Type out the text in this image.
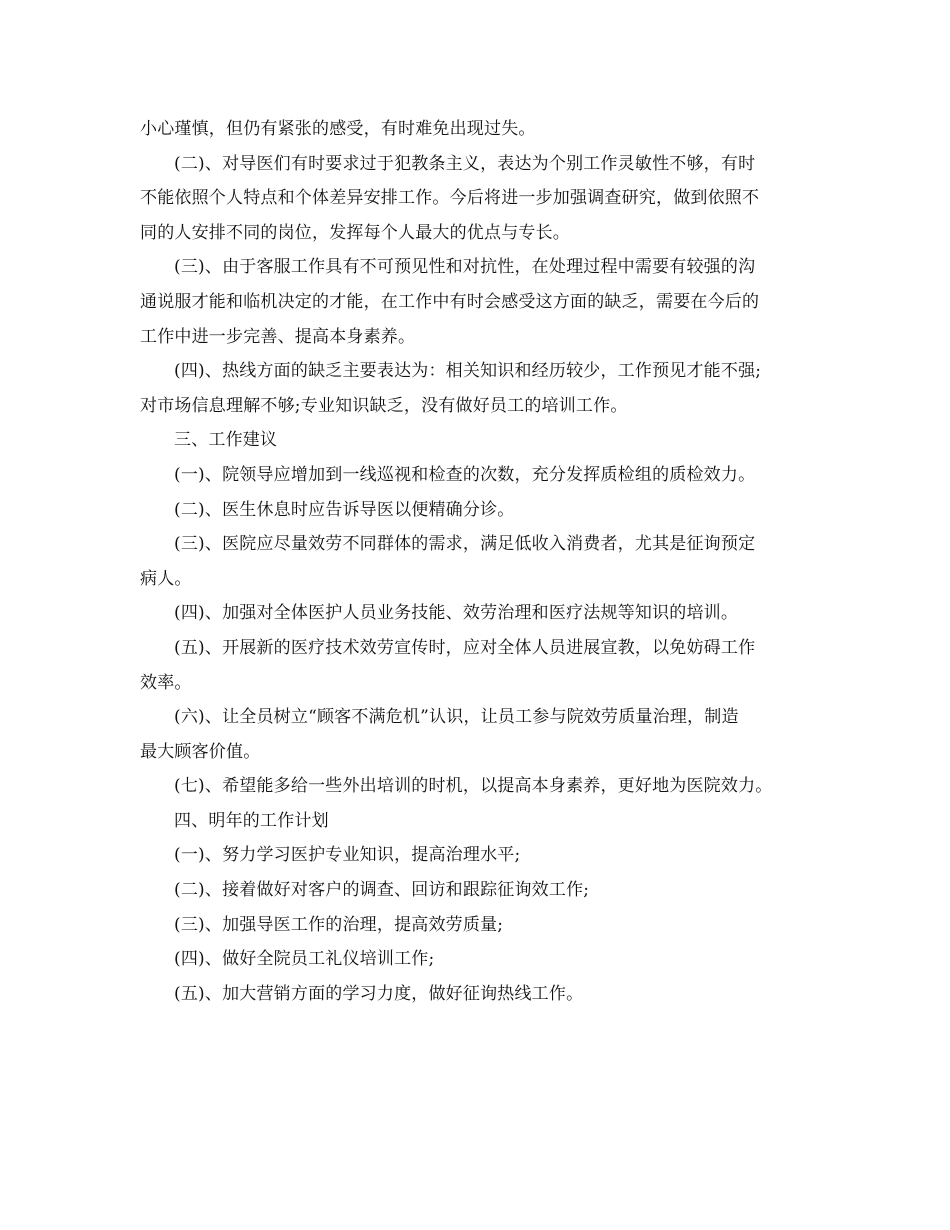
小心瑾慎，但仍有紧张的感受，有时难免出现过失。
(二)、对导医们有时要求过于犯教条主义，表达为个别工作灵敏性不够，有时
不能依照个人特点和个体差异安排工作。今后将进一步加强调查研究，做到依照不
同的人安排不同的岗位，发挥每个人最大的优点与专长。
(三)、由于客服工作具有不可预见性和对抗性，在处理过程中需要有较强的沟
通说服才能和临机决定的才能，在工作中有时会感受这方面的缺乏，需要在今后的
工作中进一步完善、提高本身素养。
(四)、热线方面的缺乏主要表达为：相关知识和经历较少，工作预见才能不强;
对市场信息理解不够;专业知识缺乏，没有做好员工的培训工作。
三、工作建议
(一)、院领导应增加到一线巡视和检查的次数，充分发挥质检组的质检效力。
(二)、医生休息时应告诉导医以便精确分诊。
(三)、医院应尽量效劳不同群体的需求，满足低收入消费者，尤其是征询预定
病人。
(四)、加强对全体医护人员业务技能、效劳治理和医疗法规等知识的培训。
(五)、开展新的医疗技术效劳宣传时，应对全体人员进展宣教，以免妨碍工作
效率。
(六)、让全员树立“顾客不满危机”认识，让员工参与院效劳质量治理，制造
最大顾客价值。
(七)、希望能多给一些外出培训的时机，以提高本身素养，更好地为医院效力。
四、明年的工作计划
(一)、努力学习医护专业知识，提高治理水平;
(二)、接着做好对客户的调查、回访和跟踪征询效工作;
(三)、加强导医工作的治理，提高效劳质量;
(四)、做好全院员工礼仪培训工作;
(五)、加大营销方面的学习力度，做好征询热线工作。
